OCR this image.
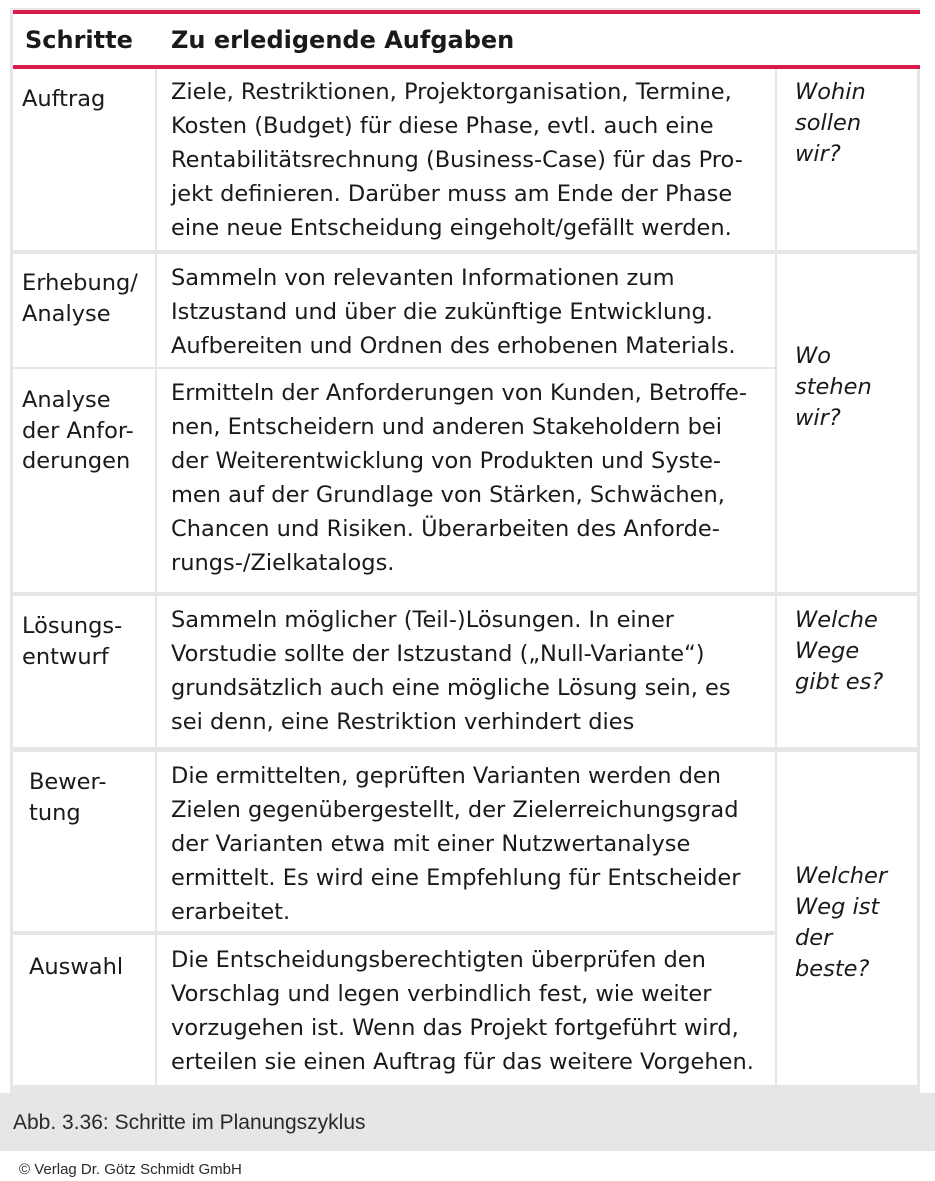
Schritte Zu erledigende Aufgaben
Auftrag	Ziele, Restriktionen, Projektorganisation, Termine,
Kosten (Budget) für diese Phase, evtl. auch eine
Rentabilitätsrechnung (Business-Case) für das Pro-
jekt definieren. Darüber muss am Ende der Phase
eine neue Entscheidung eingeholt/gefällt werden.
Wohin
sollen
wir?
Erhebung/
Analyse
Sammeln von relevanten Informationen zum
Istzustand und über die zukünftige Entwicklung.
Aufbereiten und Ordnen des erhobenen Materials.
Analyse
der Anfor-
derungen
Ermitteln der Anforderungen von Kunden, Betroffe-
nen, Entscheidern und anderen Stakeholdern bei
der Weiterentwicklung von Produkten und Syste-
men auf der Grundlage von Stärken, Schwächen,
Chancen und Risiken. Überarbeiten des Anforde-
rungs-/Zielkatalogs.
Wo
stehen
wir?
Lösungs-
entwurf
Sammeln möglicher (Teil-)Lösungen. In einer
Vorstudie sollte der Istzustand („Null-Variante“)
grundsätzlich auch eine mögliche Lösung sein, es
sei denn, eine Restriktion verhindert dies
Welche
Wege
gibt es?
Bewer-
tung
Die ermittelten, geprüften Varianten werden den
Zielen gegenübergestellt, der Zielerreichungsgrad
der Varianten etwa mit einer Nutzwertanalyse
ermittelt. Es wird eine Empfehlung für Entscheider
erarbeitet.
Auswahl Die Entscheidungsberechtigten überprüfen den
Vorschlag und legen verbindlich fest, wie weiter
vorzugehen ist. Wenn das Projekt fortgeführt wird,
erteilen sie einen Auftrag für das weitere Vorgehen.
Welcher
Weg ist
der
beste?
Abb. 3.36: Schritte im Planungszyklus
© Verlag Dr. Götz Schmidt GmbH
